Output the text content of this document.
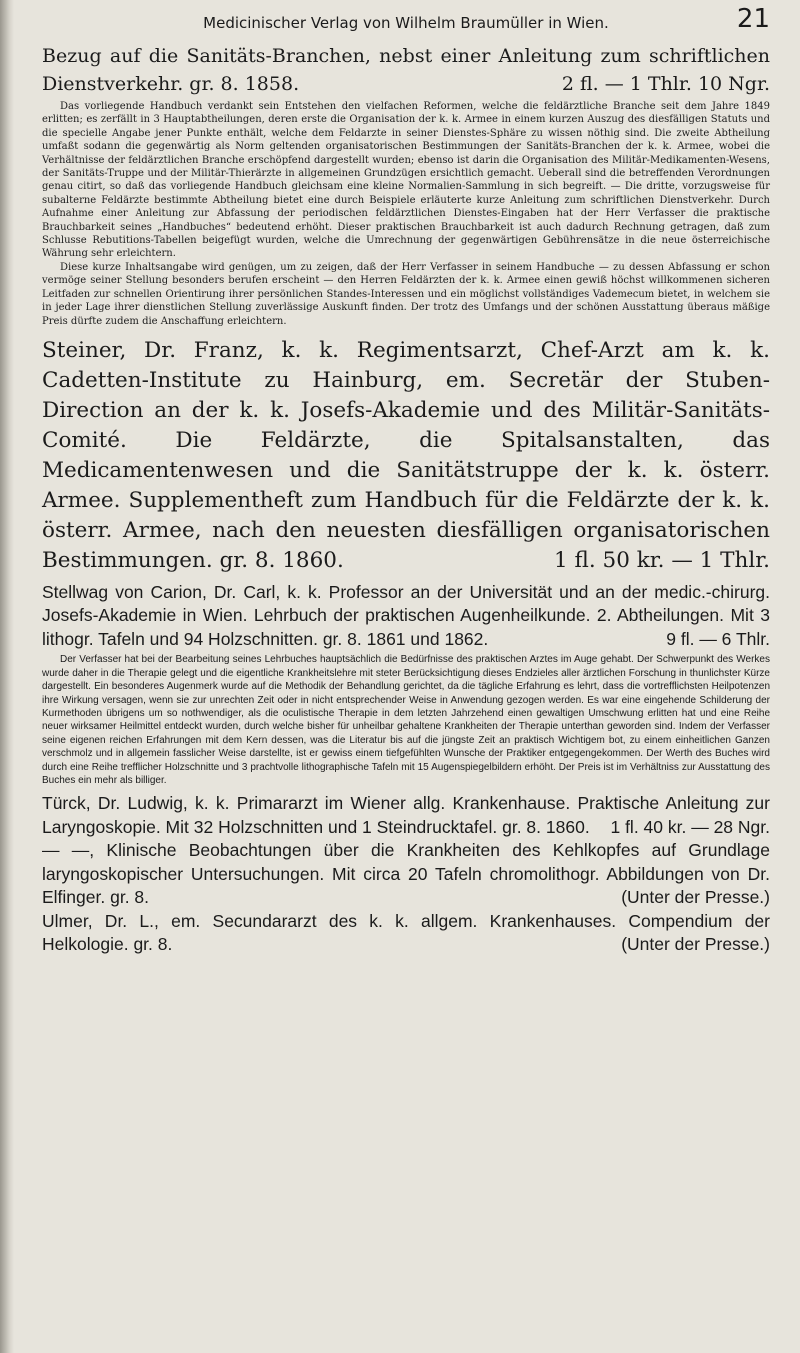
Medicinischer Verlag von Wilhelm Braumüller in Wien.	21

Bezug auf die Sanitäts-Branchen, nebst einer Anleitung zum schriftlichen Dienstverkehr. gr. 8. 1858.	2 fl. — 1 Thlr. 10 Ngr.

Das vorliegende Handbuch verdankt sein Entstehen den vielfachen Reformen, welche die feldärztliche Branche seit dem Jahre 1849 erlitten; es zerfällt in 3 Hauptabtheilungen, deren erste die Organisation der k. k. Armee in einem kurzen Auszug des diesfälligen Statuts und die specielle Angabe jener Punkte enthält, welche dem Feldarzte in seiner Dienstes-Sphäre zu wissen nöthig sind. Die zweite Abtheilung umfaßt sodann die gegenwärtig als Norm geltenden organisatorischen Bestimmungen der Sanitäts-Branchen der k. k. Armee, wobei die Verhältnisse der feldärztlichen Branche erschöpfend dargestellt wurden; ebenso ist darin die Organisation des Militär-Medikamenten-Wesens, der Sanitäts-Truppe und der Militär-Thierärzte in allgemeinen Grundzügen ersichtlich gemacht. Ueberall sind die betreffenden Verordnungen genau citirt, so daß das vorliegende Handbuch gleichsam eine kleine Normalien-Sammlung in sich begreift. — Die dritte, vorzugsweise für subalterne Feldärzte bestimmte Abtheilung bietet eine durch Beispiele erläuterte kurze Anleitung zum schriftlichen Dienstverkehr. Durch Aufnahme einer Anleitung zur Abfassung der periodischen feldärztlichen Dienstes-Eingaben hat der Herr Verfasser die praktische Brauchbarkeit seines „Handbuches“ bedeutend erhöht. Dieser praktischen Brauchbarkeit ist auch dadurch Rechnung getragen, daß zum Schlusse Rebutitions-Tabellen beigefügt wurden, welche die Umrechnung der gegenwärtigen Gebührensätze in die neue österreichische Währung sehr erleichtern.

Diese kurze Inhaltsangabe wird genügen, um zu zeigen, daß der Herr Verfasser in seinem Handbuche — zu dessen Abfassung er schon vermöge seiner Stellung besonders berufen erscheint — den Herren Feldärzten der k. k. Armee einen gewiß höchst willkommenen sicheren Leitfaden zur schnellen Orientirung ihrer persönlichen Standes-Interessen und ein möglichst vollständiges Vademecum bietet, in welchem sie in jeder Lage ihrer dienstlichen Stellung zuverlässige Auskunft finden. Der trotz des Umfangs und der schönen Ausstattung überaus mäßige Preis dürfte zudem die Anschaffung erleichtern.

Steiner, Dr. Franz, k. k. Regimentsarzt, Chef-Arzt am k. k. Cadetten-Institute zu Hainburg, em. Secretär der Stuben-Direction an der k. k. Josefs-Akademie und des Militär-Sanitäts-Comité. Die Feldärzte, die Spitalsanstalten, das Medicamentenwesen und die Sanitätstruppe der k. k. österr. Armee. Supplementheft zum Handbuch für die Feldärzte der k. k. österr. Armee, nach den neuesten diesfälligen organisatorischen Bestimmungen. gr. 8. 1860.	1 fl. 50 kr. — 1 Thlr.

Stellwag von Carion, Dr. Carl, k. k. Professor an der Universität und an der medic.-chirurg. Josefs-Akademie in Wien. Lehrbuch der praktischen Augenheilkunde. 2. Abtheilungen. Mit 3 lithogr. Tafeln und 94 Holzschnitten. gr. 8. 1861 und 1862.	9 fl. — 6 Thlr.

Der Verfasser hat bei der Bearbeitung seines Lehrbuches hauptsächlich die Bedürfnisse des praktischen Arztes im Auge gehabt. Der Schwerpunkt des Werkes wurde daher in die Therapie gelegt und die eigentliche Krankheitslehre mit steter Berücksichtigung dieses Endzieles aller ärztlichen Forschung in thunlichster Kürze dargestellt. Ein besonderes Augenmerk wurde auf die Methodik der Behandlung gerichtet, da die tägliche Erfahrung es lehrt, dass die vortrefflichsten Heilpotenzen ihre Wirkung versagen, wenn sie zur unrechten Zeit oder in nicht entsprechender Weise in Anwendung gezogen werden. Es war eine eingehende Schilderung der Kurmethoden übrigens um so nothwendiger, als die oculistische Therapie in dem letzten Jahrzehend einen gewaltigen Umschwung erlitten hat und eine Reihe neuer wirksamer Heilmittel entdeckt wurden, durch welche bisher für unheilbar gehaltene Krankheiten der Therapie unterthan geworden sind. Indem der Verfasser seine eigenen reichen Erfahrungen mit dem Kern dessen, was die Literatur bis auf die jüngste Zeit an praktisch Wichtigem bot, zu einem einheitlichen Ganzen verschmolz und in allgemein fasslicher Weise darstellte, ist er gewiss einem tiefgefühlten Wunsche der Praktiker entgegengekommen. Der Werth des Buches wird durch eine Reihe trefflicher Holzschnitte und 3 prachtvolle lithographische Tafeln mit 15 Augenspiegelbildern erhöht. Der Preis ist im Verhältniss zur Ausstattung des Buches ein mehr als billiger.

Türck, Dr. Ludwig, k. k. Primararzt im Wiener allg. Krankenhause. Praktische Anleitung zur Laryngoskopie. Mit 32 Holzschnitten und 1 Steindrucktafel. gr. 8. 1860. 1 fl. 40 kr. — 28 Ngr.

— —, Klinische Beobachtungen über die Krankheiten des Kehlkopfes auf Grundlage laryngoskopischer Untersuchungen. Mit circa 20 Tafeln chromolithogr. Abbildungen von Dr. Elfinger. gr. 8.	(Unter der Presse.)

Ulmer, Dr. L., em. Secundararzt des k. k. allgem. Krankenhauses. Compendium der Helkologie. gr. 8.	(Unter der Presse.)
